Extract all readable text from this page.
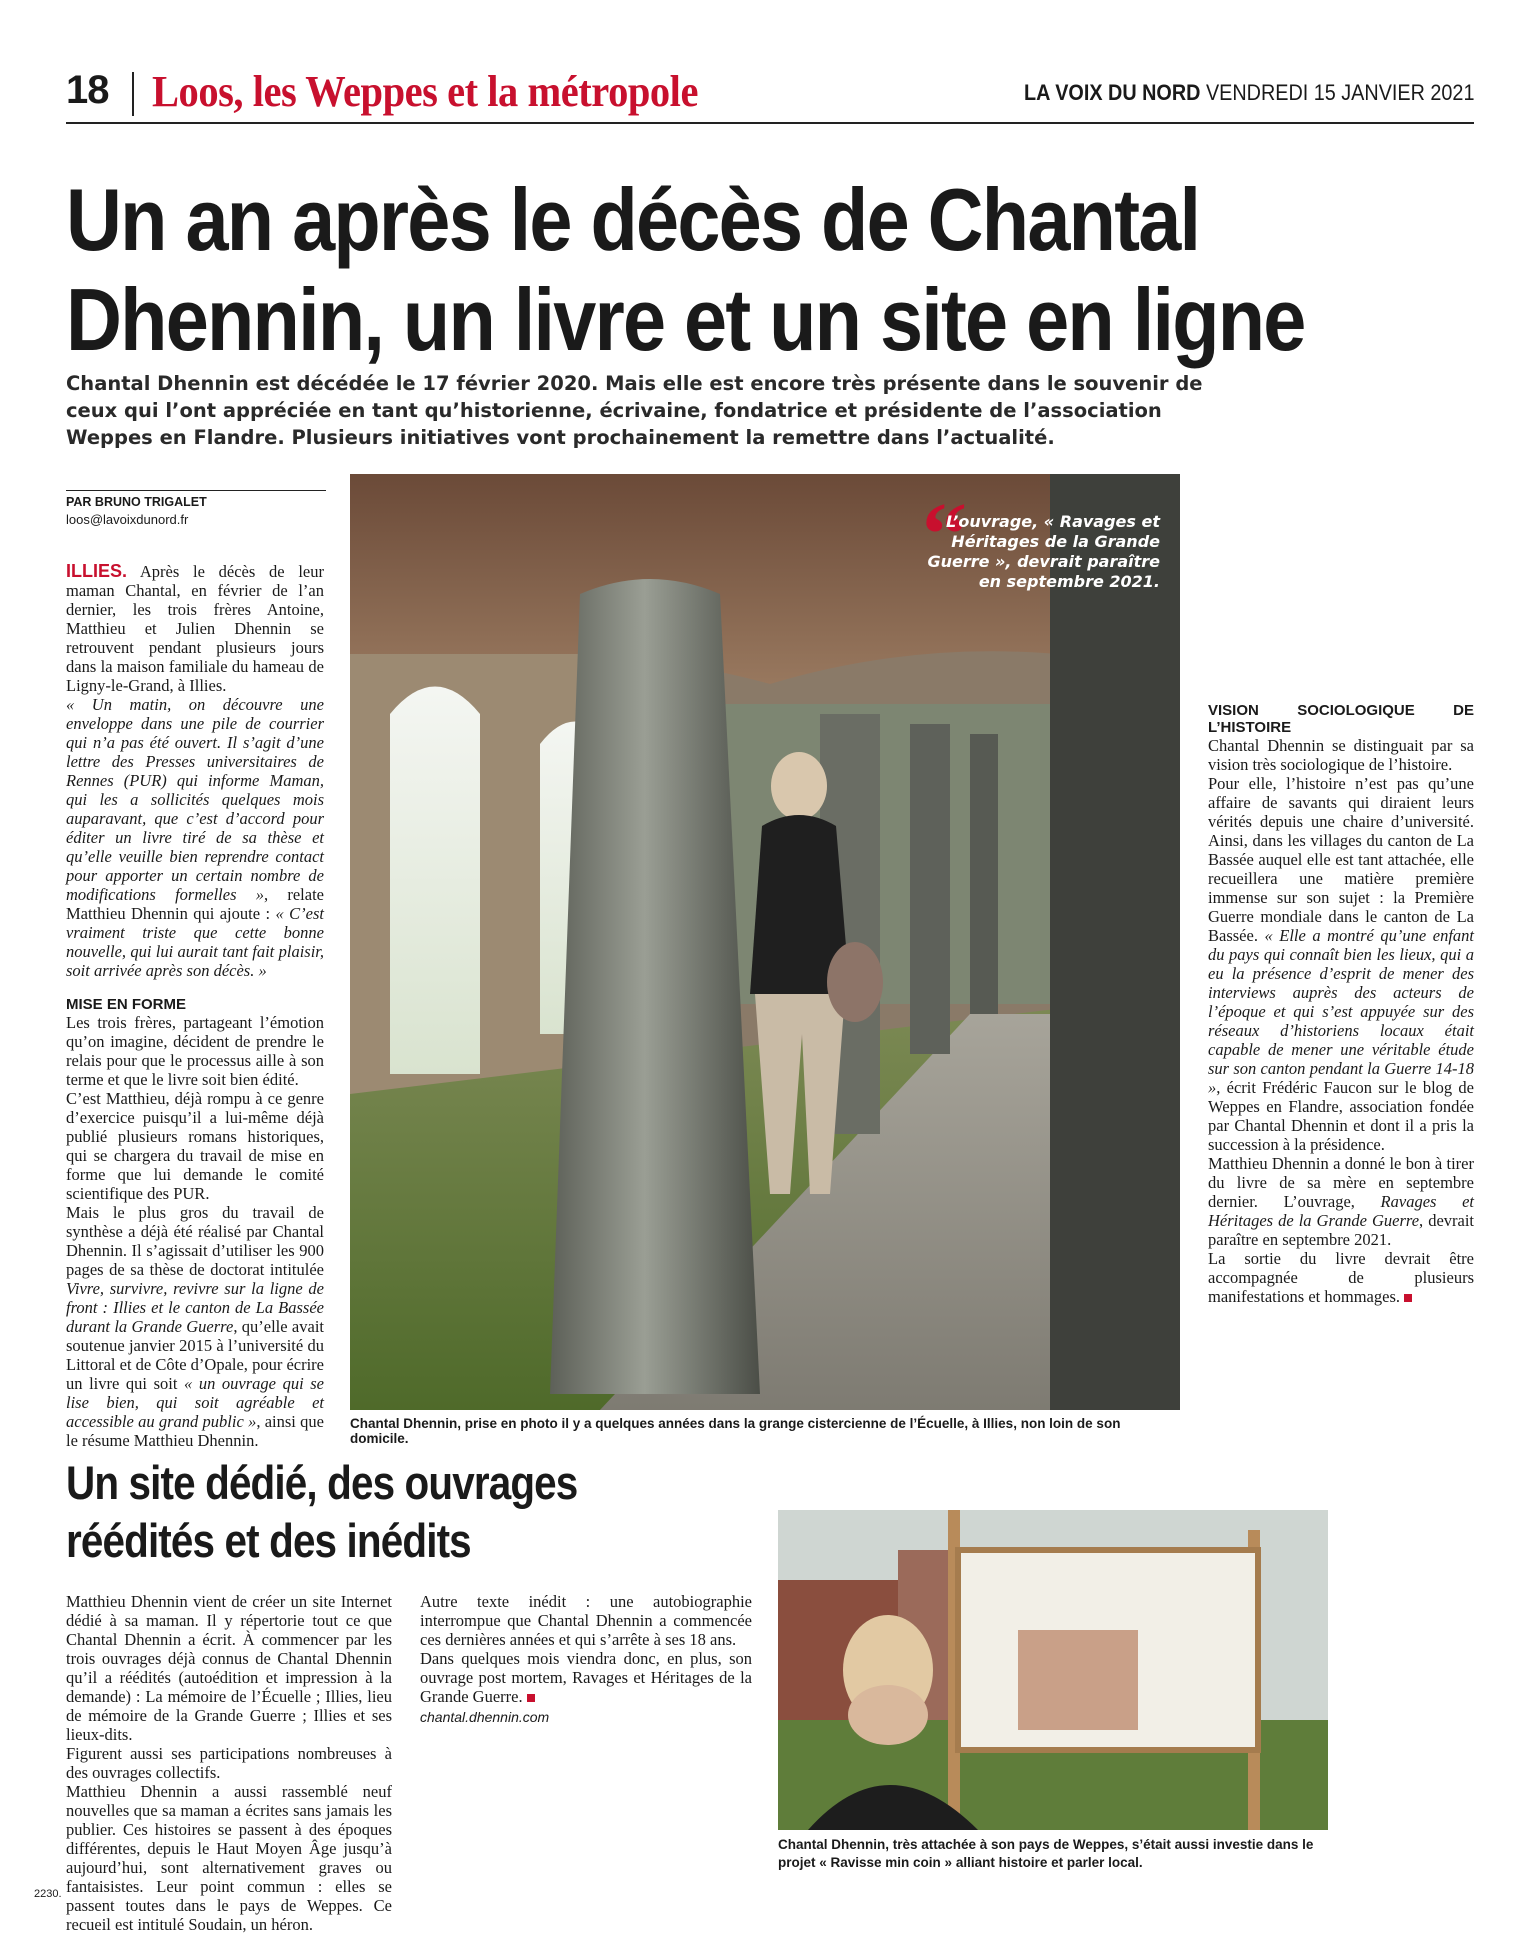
18 Loos, les Weppes et la métropole	LA VOIX DU NORD VENDREDI 15 JANVIER 2021
Un an après le décès de Chantal Dhennin, un livre et un site en ligne

Chantal Dhennin est décédée le 17 février 2020. Mais elle est encore très présente dans le souvenir de ceux qui l’ont appréciée en tant qu’historienne, écrivaine, fondatrice et présidente de l’association Weppes en Flandre. Plusieurs initiatives vont prochainement la remettre dans l’actualité.

PAR BRUNO TRIGALET
loos@lavoixdunord.fr

ILLIES. Après le décès de leur maman Chantal, en février de l’an dernier, les trois frères Antoine, Matthieu et Julien Dhennin se retrouvent pendant plusieurs jours dans la maison familiale du hameau de Ligny-le-Grand, à Illies.

« Un matin, on découvre une enveloppe dans une pile de courrier qui n’a pas été ouvert. Il s’agit d’une lettre des Presses universitaires de Rennes (PUR) qui informe Maman, qui les a sollicités quelques mois auparavant, que c’est d’accord pour éditer un livre tiré de sa thèse et qu’elle veuille bien reprendre contact pour apporter un certain nombre de modifications formelles », relate Matthieu Dhennin qui ajoute : « C’est vraiment triste que cette bonne nouvelle, qui lui aurait tant fait plaisir, soit arrivée après son décès. »

MISE EN FORME

Les trois frères, partageant l’émotion qu’on imagine, décident de prendre le relais pour que le processus aille à son terme et que le livre soit bien édité.

C’est Matthieu, déjà rompu à ce genre d’exercice puisqu’il a lui-même déjà publié plusieurs romans historiques, qui se chargera du travail de mise en forme que lui demande le comité scientifique des PUR.

Mais le plus gros du travail de synthèse a déjà été réalisé par Chantal Dhennin. Il s’agissait d’utiliser les 900 pages de sa thèse de doctorat intitulée Vivre, survivre, revivre sur la ligne de front : Illies et le canton de La Bassée durant la Grande Guerre, qu’elle avait soutenue janvier 2015 à l’université du Littoral et de Côte d’Opale, pour écrire un livre qui soit « un ouvrage qui se lise bien, qui soit agréable et accessible au grand public », ainsi que le résume Matthieu Dhennin.

“

L’ouvrage, « Ravages et Héritages de la Grande Guerre », devrait paraître en septembre 2021.

Chantal Dhennin, prise en photo il y a quelques années dans la grange cistercienne de l’Écuelle, à Illies, non loin de son domicile.

VISION SOCIOLOGIQUE DE L’HISTOIRE

Chantal Dhennin se distinguait par sa vision très sociologique de l’histoire.

Pour elle, l’histoire n’est pas qu’une affaire de savants qui diraient leurs vérités depuis une chaire d’université. Ainsi, dans les villages du canton de La Bassée auquel elle est tant attachée, elle recueillera une matière première immense sur son sujet : la Première Guerre mondiale dans le canton de La Bassée. « Elle a montré qu’une enfant du pays qui connaît bien les lieux, qui a eu la présence d’esprit de mener des interviews auprès des acteurs de l’époque et qui s’est appuyée sur des réseaux d’historiens locaux était capable de mener une véritable étude sur son canton pendant la Guerre 14-18 », écrit Frédéric Faucon sur le blog de Weppes en Flandre, association fondée par Chantal Dhennin et dont il a pris la succession à la présidence.

Matthieu Dhennin a donné le bon à tirer du livre de sa mère en septembre dernier. L’ouvrage, Ravages et Héritages de la Grande Guerre, devrait paraître en septembre 2021.

La sortie du livre devrait être accompagnée de plusieurs manifestations et hommages.

Un site dédié, des ouvrages réédités et des inédits

Matthieu Dhennin vient de créer un site Internet dédié à sa maman. Il y répertorie tout ce que Chantal Dhennin a écrit. À commencer par les trois ouvrages déjà connus de Chantal Dhennin qu’il a réédités (autoédition et impression à la demande) : La mémoire de l’Écuelle ; Illies, lieu de mémoire de la Grande Guerre ; Illies et ses lieux-dits.

Figurent aussi ses participations nombreuses à des ouvrages collectifs.

Matthieu Dhennin a aussi rassemblé neuf nouvelles que sa maman a écrites sans jamais les publier. Ces histoires se passent à des époques différentes, depuis le Haut Moyen Âge jusqu’à aujourd’hui, sont alternativement graves ou fantaisistes. Leur point commun : elles se passent toutes dans le pays de Weppes. Ce recueil est intitulé Soudain, un héron.

Autre texte inédit : une autobiographie interrompue que Chantal Dhennin a commencée ces dernières années et qui s’arrête à ses 18 ans.

Dans quelques mois viendra donc, en plus, son ouvrage post mortem, Ravages et Héritages de la Grande Guerre.

chantal.dhennin.com

Chantal Dhennin, très attachée à son pays de Weppes, s’était aussi investie dans le projet « Ravisse min coin » alliant histoire et parler local.

2230.
